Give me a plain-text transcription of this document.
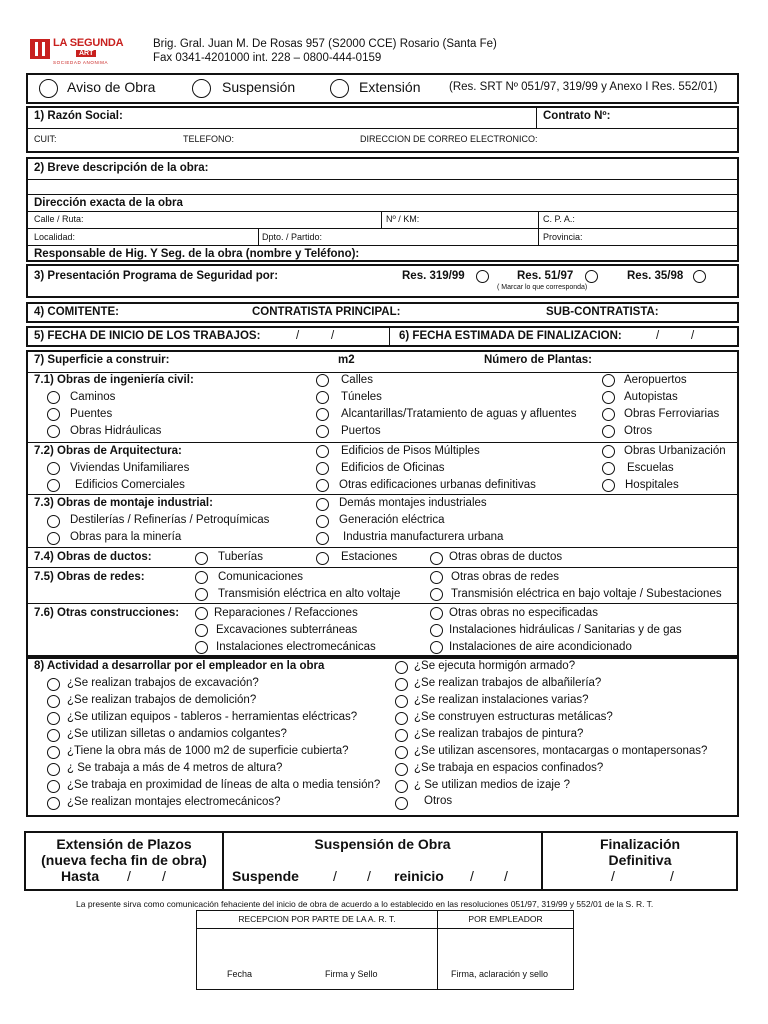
LA SEGUNDA
ART
SOCIEDAD ANONIMA
Brig. Gral. Juan M. De Rosas 957 (S2000 CCE) Rosario (Santa Fe)
Fax 0341-4201000 int. 228 – 0800-444-0159
Aviso de Obra	Suspensión	Extensión (Res. SRT Nº 051/97, 319/99 y Anexo I Res. 552/01)
1) Razón Social:	Contrato Nº:
CUIT:	TELEFONO:	DIRECCION DE CORREO ELECTRONICO:
2) Breve descripción de la obra:
Dirección exacta de la obra
Calle / Ruta:	Nº / KM:	C. P. A.:
Localidad:	Dpto. / Partido:	Provincia:
Responsable de Hig. Y Seg. de la obra (nombre y Teléfono):
3) Presentación Programa de Seguridad por:	Res. 319/99	Res. 51/97	Res. 35/98
( Marcar lo que corresponda)
4) COMITENTE:	CONTRATISTA PRINCIPAL:	SUB-CONTRATISTA:
5) FECHA DE INICIO DE LOS TRABAJOS:	/	/	6) FECHA ESTIMADA DE FINALIZACION:	/	/
7) Superficie a construir:	m2	Número de Plantas:
7.1) Obras de ingeniería civil:	Calles	Aeropuertos
Caminos	Túneles	Autopistas
Puentes	Alcantarillas/Tratamiento de aguas y afluentes	Obras Ferroviarias
Obras Hidráulicas	Puertos	Otros
7.2) Obras de Arquitectura:	Edificios de Pisos Múltiples	Obras Urbanización
Viviendas Unifamiliares	Edificios de Oficinas	Escuelas
Edificios Comerciales	Otras edificaciones urbanas definitivas	Hospitales
7.3) Obras de montaje industrial:	Demás montajes industriales
Destilerías / Refinerías / Petroquímicas	Generación eléctrica
Obras para la minería	Industria manufacturera urbana
7.4) Obras de ductos:	Tuberías	Estaciones	Otras obras de ductos
7.5) Obras de redes:	Comunicaciones	Otras obras de redes
Transmisión eléctrica en alto voltaje	Transmisión eléctrica en bajo voltaje / Subestaciones
7.6) Otras construcciones:	Reparaciones / Refacciones	Otras obras no especificadas
Excavaciones subterráneas	Instalaciones hidráulicas / Sanitarias y de gas
Instalaciones electromecánicas	Instalaciones de aire acondicionado
8) Actividad a desarrollar por el empleador en la obra
¿Se realizan trabajos de excavación?
¿Se realizan trabajos de demolición?
¿Se utilizan equipos - tableros - herramientas eléctricas?
¿Se utilizan silletas o andamios colgantes?
¿Tiene la obra más de 1000 m2 de superficie cubierta?
¿ Se trabaja a más de 4 metros de altura?
¿Se trabaja en proximidad de líneas de alta o media tensión?
¿Se realizan montajes electromecánicos?
¿Se ejecuta hormigón armado?
¿Se realizan trabajos de albañilería?
¿Se realizan instalaciones varias?
¿Se construyen estructuras metálicas?
¿Se realizan trabajos de pintura?
¿Se utilizan ascensores, montacargas o montapersonas?
¿Se trabaja en espacios confinados?
¿ Se utilizan medios de izaje ?
Otros
Extensión de Plazos
(nueva fecha fin de obra)
Hasta / /
Suspensión de Obra
Suspende / / reinicio / /
Finalización
Definitiva
/	/
La presente sirva como comunicación fehaciente del inicio de obra de acuerdo a lo establecido en las resoluciones 051/97, 319/99 y 552/01 de la S. R. T.
RECEPCION POR PARTE DE LA A. R. T.	POR EMPLEADOR
Fecha	Firma y Sello	Firma, aclaración y sello
